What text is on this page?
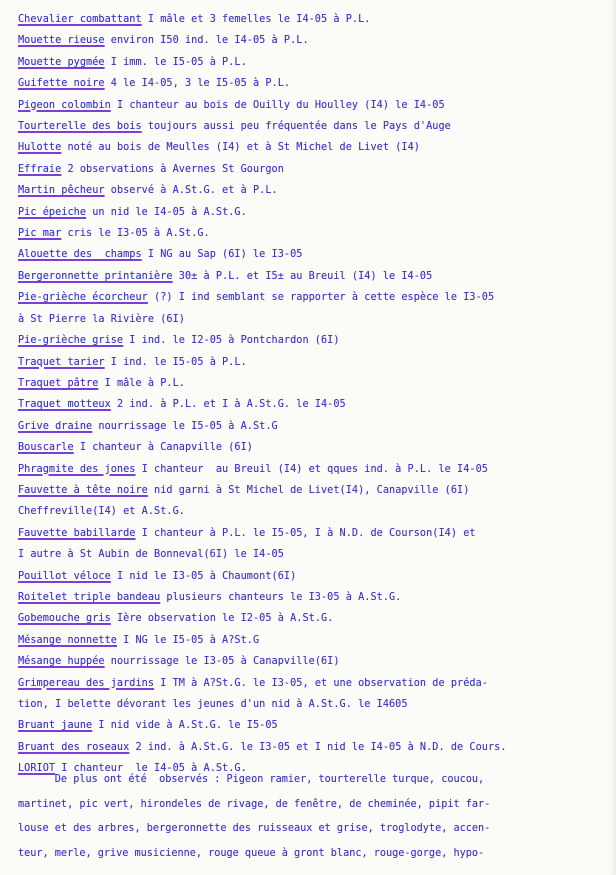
Chevalier combattant I mâle et 3 femelles le I4-05 à P.L.
Mouette rieuse environ I50 ind. le I4-05 à P.L.
Mouette pygmée I imm. le I5-05 à P.L.
Guifette noire 4 le I4-05, 3 le I5-05 à P.L.
Pigeon colombin I chanteur au bois de Ouilly du Houlley (I4) le I4-05
Tourterelle des bois toujours aussi peu fréquentée dans le Pays d'Auge
Hulotte noté au bois de Meulles (I4) et à St Michel de Livet (I4)
Effraie 2 observations à Avernes St Gourgon
Martin pêcheur observé à A.St.G. et à P.L.
Pic épeiche un nid le I4-05 à A.St.G.
Pic mar cris le I3-05 à A.St.G.
Alouette des  champs I NG au Sap (6I) le I3-05
Bergeronnette printanière 30± à P.L. et I5± au Breuil (I4) le I4-05
Pie-grièche écorcheur (?) I ind semblant se rapporter à cette espèce le I3-05
à St Pierre la Rivière (6I)
Pie-grièche grise I ind. le I2-05 à Pontchardon (6I)
Traquet tarier I ind. le I5-05 à P.L.
Traquet pâtre I mâle à P.L.
Traquet motteux 2 ind. à P.L. et I à A.St.G. le I4-05
Grive draine nourrissage le I5-05 à A.St.G
Bouscarle I chanteur à Canapville (6I)
Phragmite des jones I chanteur  au Breuil (I4) et qques ind. à P.L. le I4-05
Fauvette à tête noire nid garni à St Michel de Livet(I4), Canapville (6I)
Cheffreville(I4) et A.St.G.
Fauvette babillarde I chanteur à P.L. le I5-05, I à N.D. de Courson(I4) et
I autre à St Aubin de Bonneval(6I) le I4-05
Pouillot véloce I nid le I3-05 à Chaumont(6I)
Roitelet triple bandeau plusieurs chanteurs le I3-05 à A.St.G.
Gobemouche gris Ière observation le I2-05 à A.St.G.
Mésange nonnette I NG le I5-05 à A?St.G
Mésange huppée nourrissage le I3-05 à Canapville(6I)
Grimpereau des jardins I TM à A?St.G. le I3-05, et une observation de préda-
tion, I belette dévorant les jeunes d'un nid à A.St.G. le I4605
Bruant jaune I nid vide à A.St.G. le I5-05
Bruant des roseaux 2 ind. à A.St.G. le I3-05 et I nid le I4-05 à N.D. de Cours.
LORIOT I chanteur  le I4-05 à A.St.G.
De plus ont été  observés : Pigeon ramier, tourterelle turque, coucou,
martinet, pic vert, hirondeles de rivage, de fenêtre, de cheminée, pipit far-
louse et des arbres, bergeronnette des ruisseaux et grise, troglodyte, accen-
teur, merle, grive musicienne, rouge queue à gront blanc, rouge-gorge, hypo-
